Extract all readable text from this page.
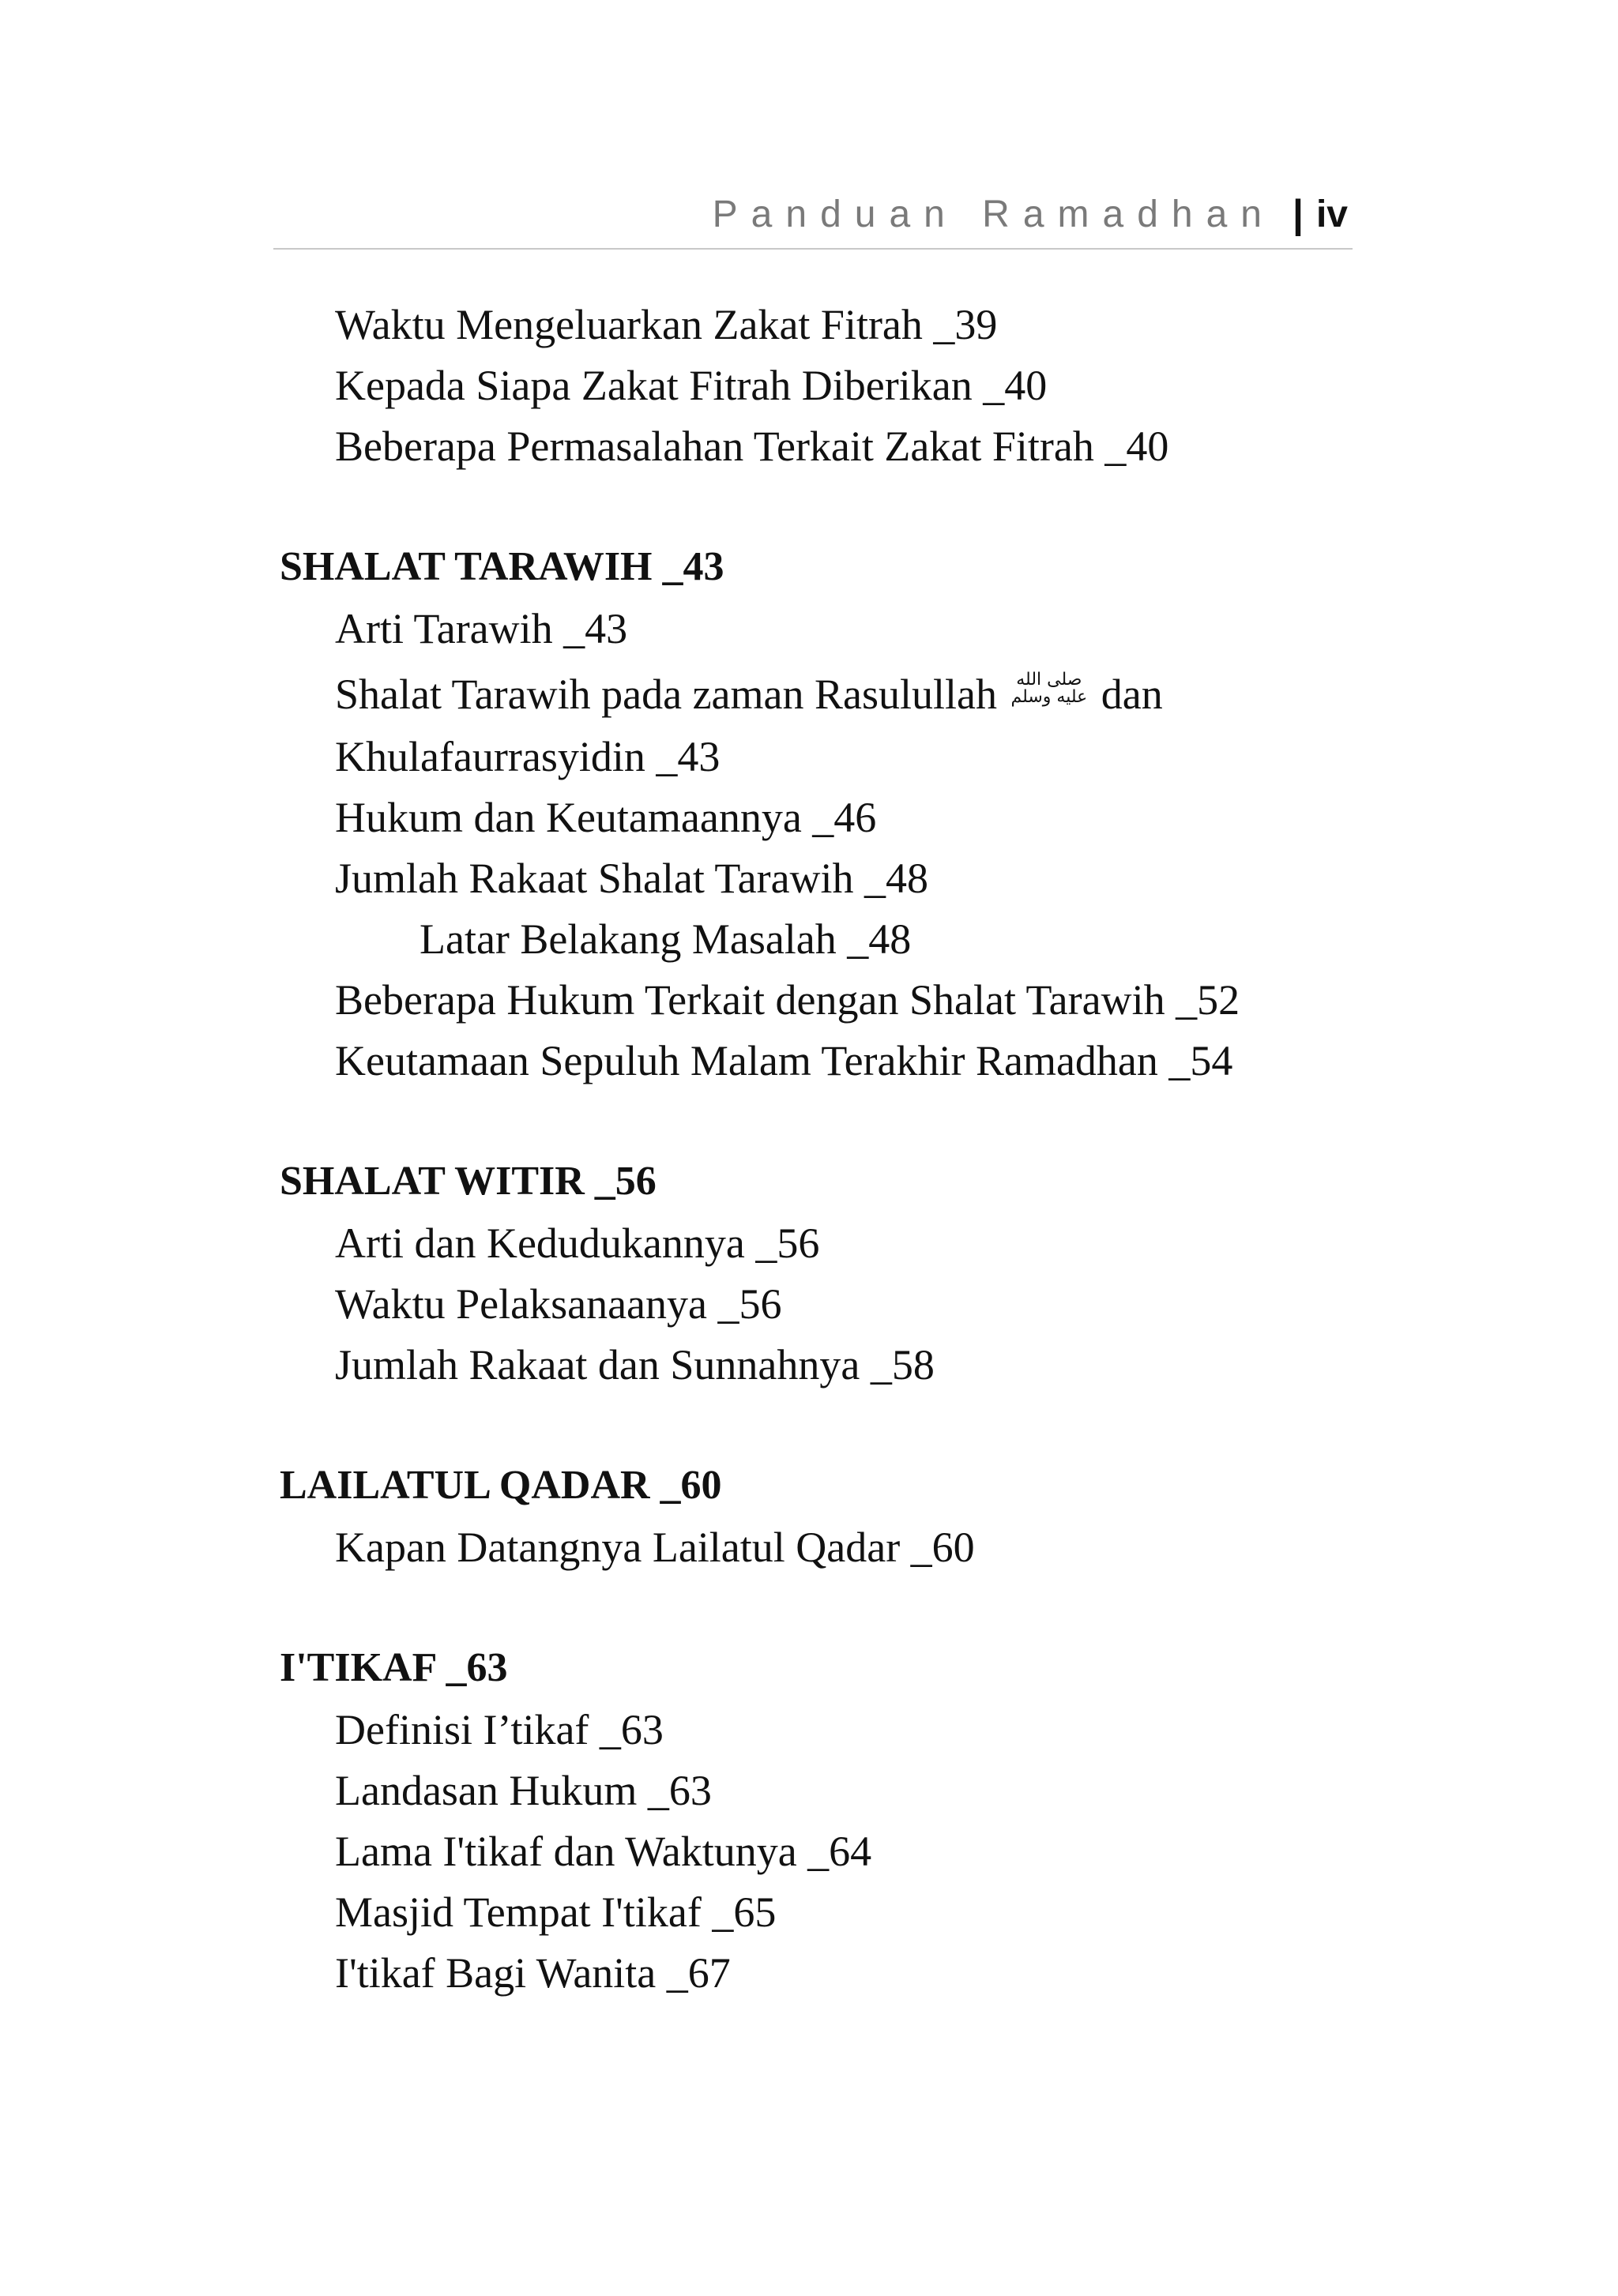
Panduan Ramadhan | iv
Waktu Mengeluarkan Zakat Fitrah _39
Kepada Siapa Zakat Fitrah Diberikan _40
Beberapa Permasalahan Terkait Zakat Fitrah _40
SHALAT TARAWIH _43
Arti Tarawih _43
Shalat Tarawih pada zaman Rasulullah	صلى الله
عليه وسلم dan
Khulafaurrasyidin _43
Hukum dan Keutamaannya _46
Jumlah Rakaat Shalat Tarawih _48
Latar Belakang Masalah _48
Beberapa Hukum Terkait dengan Shalat Tarawih _52
Keutamaan Sepuluh Malam Terakhir Ramadhan _54
SHALAT WITIR _56
Arti dan Kedudukannya _56
Waktu Pelaksanaanya _56
Jumlah Rakaat dan Sunnahnya _58
LAILATUL QADAR _60
Kapan Datangnya Lailatul Qadar _60
I'TIKAF _63
Definisi I’tikaf _63
Landasan Hukum _63
Lama I'tikaf dan Waktunya _64
Masjid Tempat I'tikaf _65
I'tikaf Bagi Wanita _67
